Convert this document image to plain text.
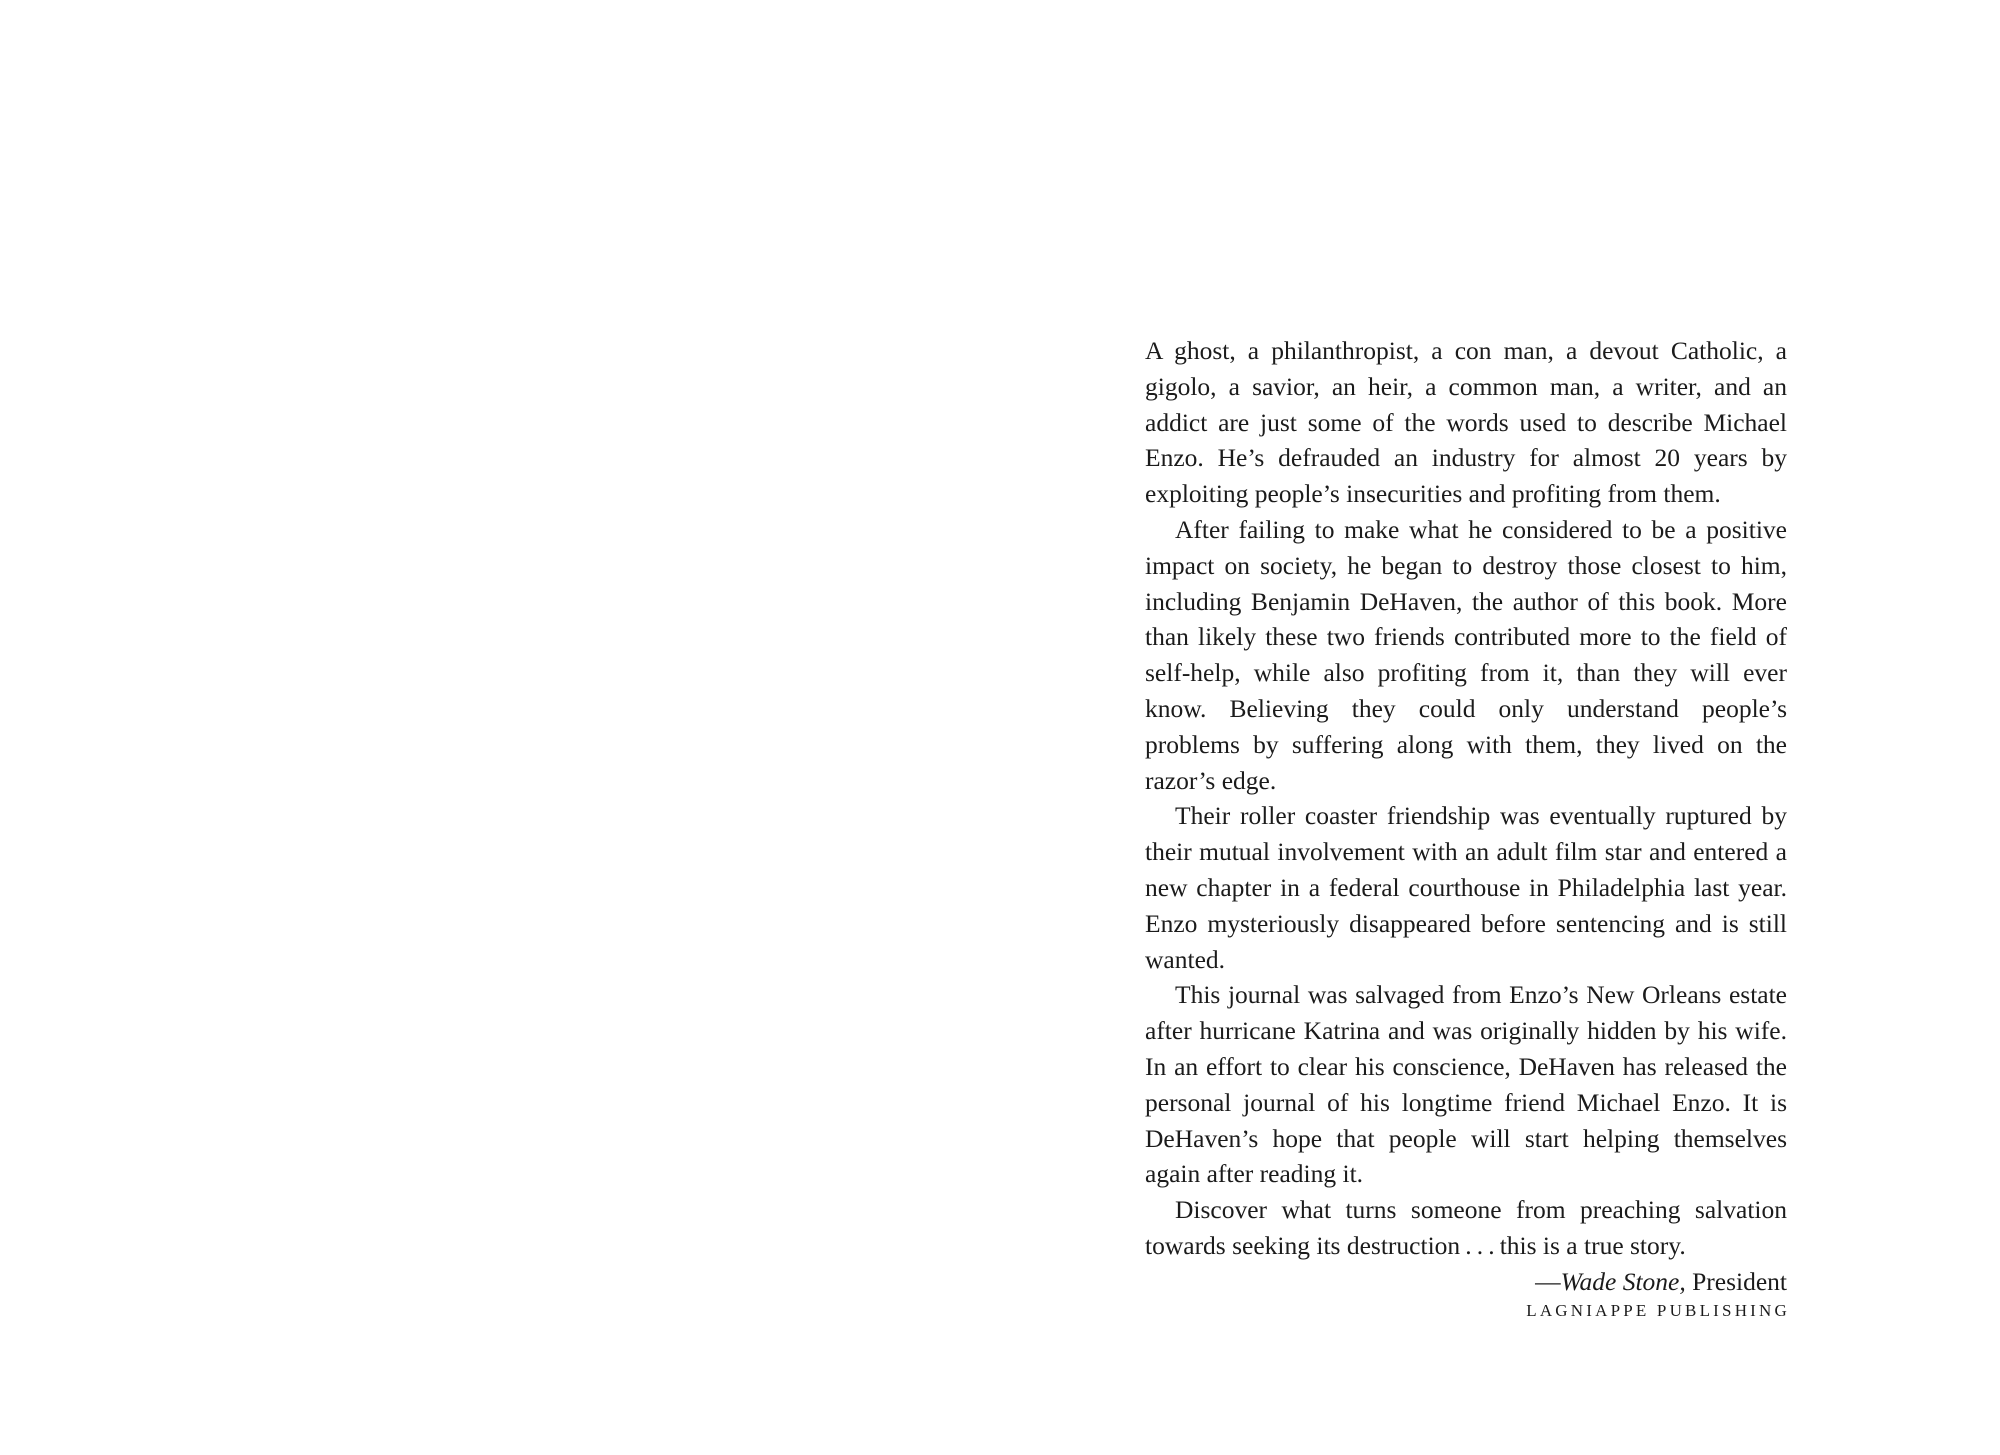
A ghost, a philanthropist, a con man, a devout Catholic, a gigolo, a savior, an heir, a common man, a writer, and an addict are just some of the words used to describe Michael Enzo. He’s defrauded an industry for almost 20 years by exploiting people’s insecurities and profiting from them.

After failing to make what he considered to be a positive impact on society, he began to destroy those closest to him, including Benjamin DeHaven, the author of this book. More than likely these two friends contributed more to the field of self-help, while also profiting from it, than they will ever know. Believing they could only understand people’s problems by suffering along with them, they lived on the razor’s edge.

Their roller coaster friendship was eventually ruptured by their mutual involvement with an adult film star and entered a new chapter in a federal courthouse in Philadelphia last year. Enzo mysteriously disappeared before sentencing and is still wanted.

This journal was salvaged from Enzo’s New Orleans estate after hurricane Katrina and was originally hidden by his wife. In an effort to clear his conscience, DeHaven has released the personal journal of his longtime friend Michael Enzo. It is DeHaven’s hope that people will start helping themselves again after reading it.

Discover what turns someone from preaching salvation towards seeking its destruction . . . this is a true story.

—Wade Stone, President

LAGNIAPPE PUBLISHING
